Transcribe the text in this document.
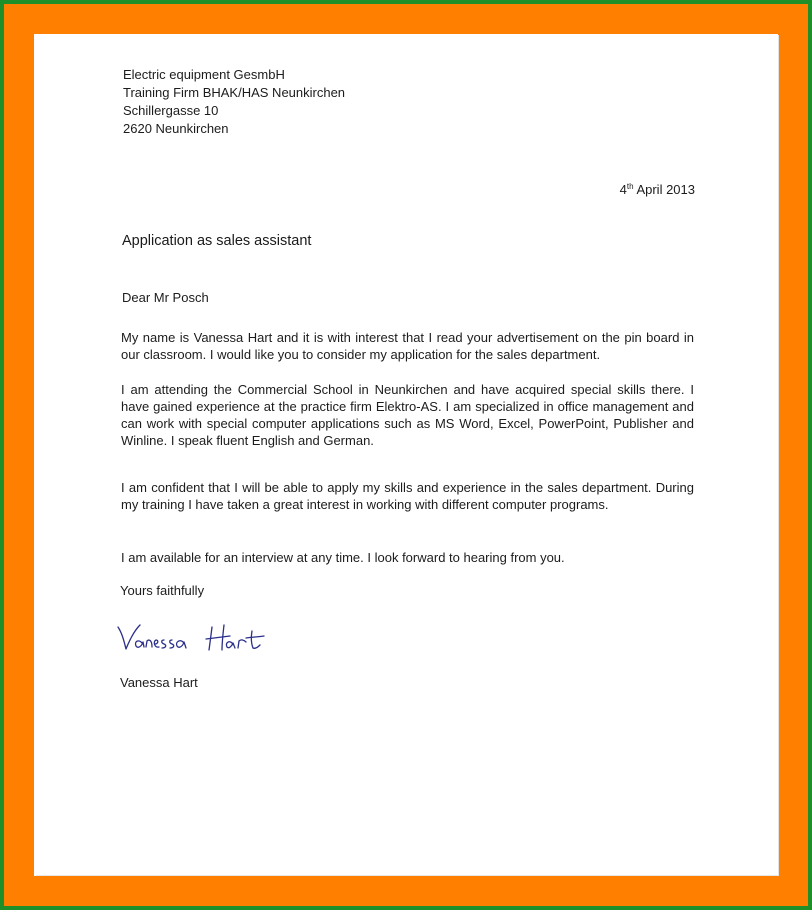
Electric equipment GesmbH
Training Firm BHAK/HAS Neunkirchen
Schillergasse 10
2620 Neunkirchen
4th April 2013
Application as sales assistant
Dear Mr Posch
My name is Vanessa Hart and it is with interest that I read your advertisement on the pin board in our classroom. I would like you to consider my application for the sales department.
I am attending the Commercial School in Neunkirchen and have acquired special skills there. I have gained experience at the practice firm Elektro-AS. I am specialized in office management and can work with special computer applications such as MS Word, Excel, PowerPoint, Publisher and Winline. I speak fluent English and German.
I am confident that I will be able to apply my skills and experience in the sales department. During my training I have taken a great interest in working with different computer programs.
I am available for an interview at any time. I look forward to hearing from you.
Yours faithfully
Vanessa Hart
